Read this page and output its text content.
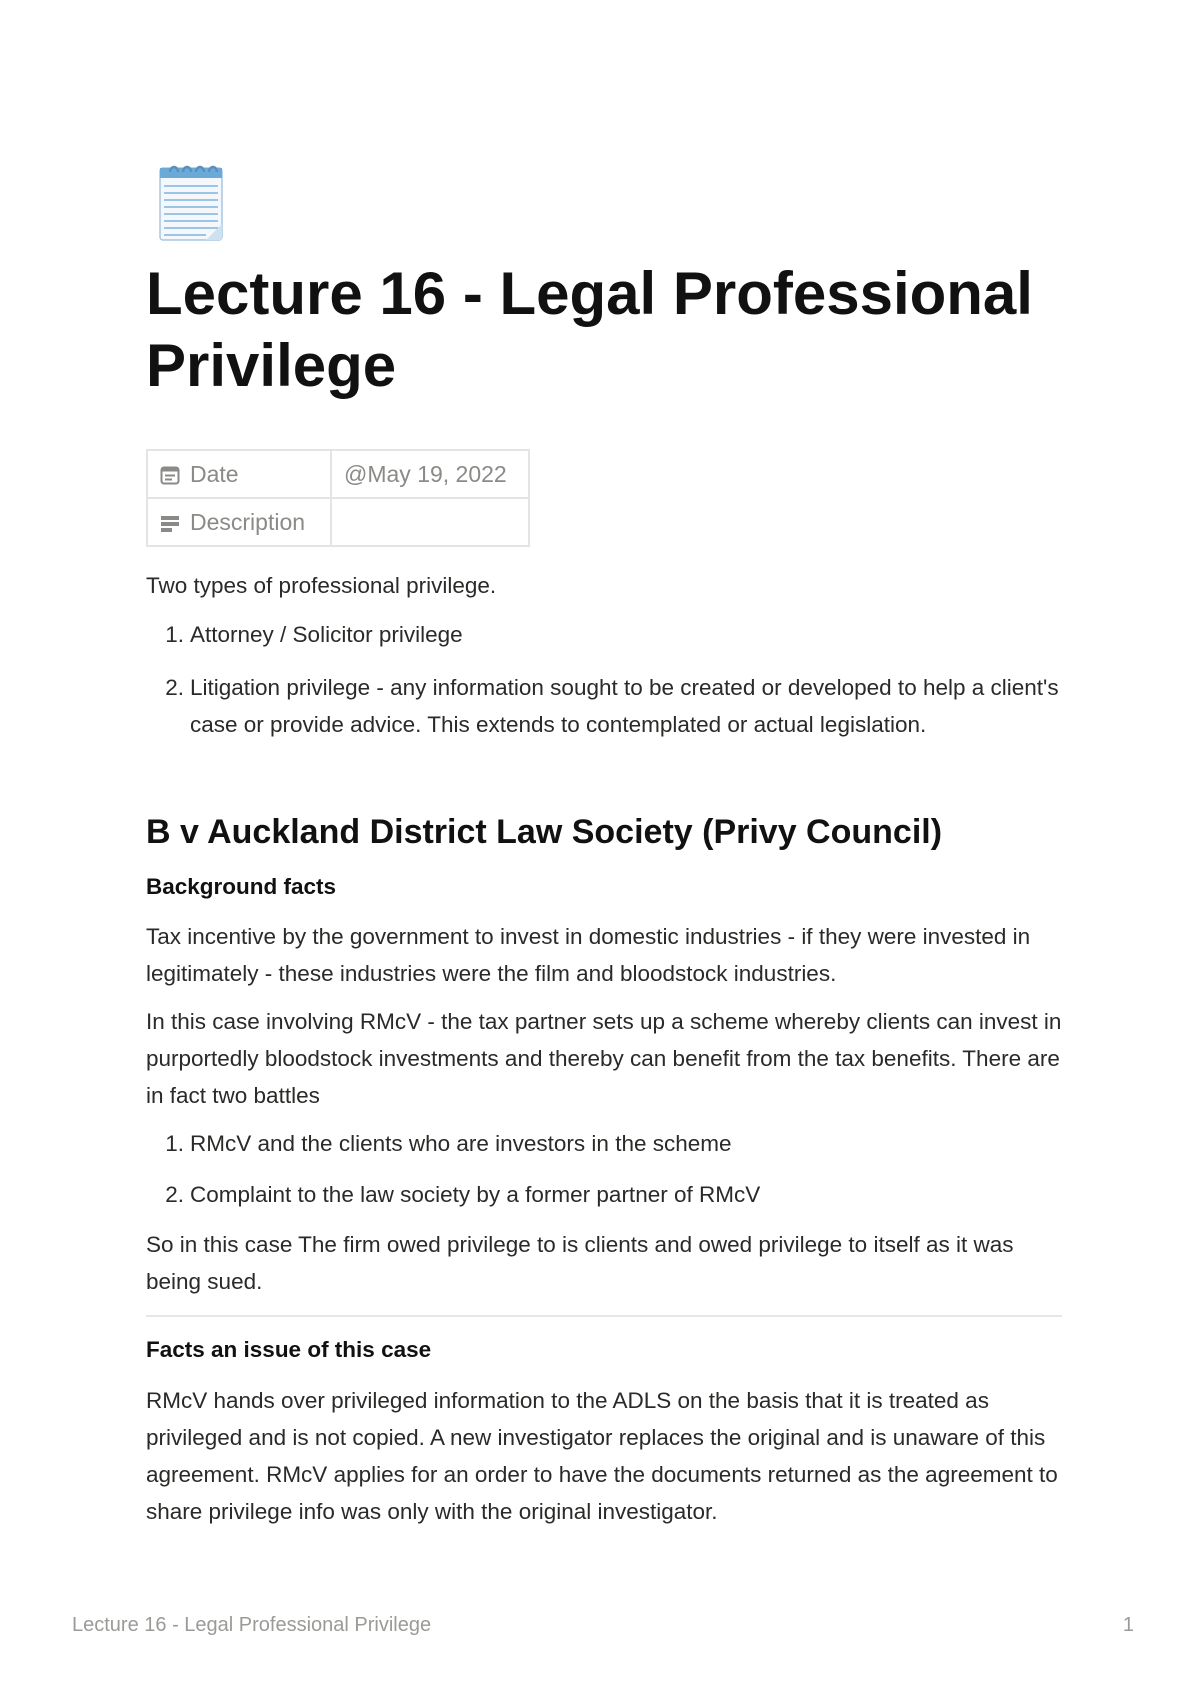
Lecture 16 - Legal Professional Privilege
Date	@May 19, 2022
Description	

Two types of professional privilege.

1. Attorney / Solicitor privilege

2. Litigation privilege - any information sought to be created or developed to help a client's case or provide advice. This extends to contemplated or actual legislation.

B v Auckland District Law Society (Privy Council)
Background facts

Tax incentive by the government to invest in domestic industries - if they were invested in legitimately - these industries were the film and bloodstock industries.

In this case involving RMcV - the tax partner sets up a scheme whereby clients can invest in purportedly bloodstock investments and thereby can benefit from the tax benefits. There are in fact two battles

1. RMcV and the clients who are investors in the scheme

2. Complaint to the law society by a former partner of RMcV

So in this case The firm owed privilege to is clients and owed privilege to itself as it was being sued.

Facts an issue of this case

RMcV hands over privileged information to the ADLS on the basis that it is treated as privileged and is not copied. A new investigator replaces the original and is unaware of this agreement. RMcV applies for an order to have the documents returned as the agreement to share privilege info was only with the original investigator.

Lecture 16 - Legal Professional Privilege	1
